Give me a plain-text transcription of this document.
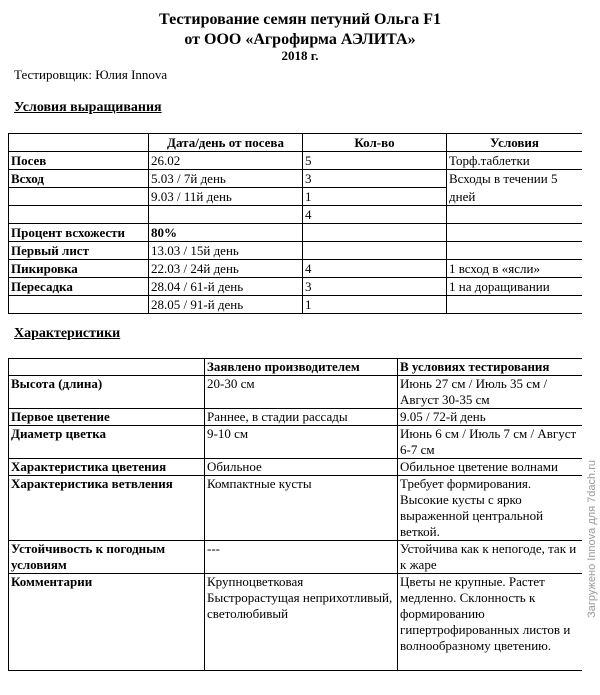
Тестирование семян петуний Ольга F1
от ООО «Агрофирма АЭЛИТА»
2018 г.
Тестировщик: Юлия Innova
Условия выращивания
	Дата/день от посева	Кол-во	Условия
Посев	26.02	5	Торф.таблетки
Всход	5.03 / 7й день	3	Всходы в течении 5
	9.03 / 11й день	1	дней
		4	
Процент всхожести	80%		
Первый лист	13.03 / 15й день		
Пикировка	22.03 / 24й день	4	1 всход в «ясли»
Пересадка	28.04 / 61-й день	3	1 на доращивании
	28.05 / 91-й день	1	
Характеристики
	Заявлено производителем	В условиях тестирования
Высота (длина)	20-30 см	Июнь 27 см / Июль 35 см / Август 30-35 см
Первое цветение	Раннее, в стадии рассады	9.05 / 72-й день
Диаметр цветка	9-10 см	Июнь 6 см / Июль 7 см / Август 6-7 см
Характеристика цветения	Обильное	Обильное цветение волнами
Характеристика ветвления	Компактные кусты	Требует формирования. Высокие кусты с ярко выраженной центральной веткой.
Устойчивость к погодным условиям	---	Устойчива как к непогоде, так и к жаре
Комментарии	Крупноцветковая Быстрорастущая неприхотливый, светолюбивый	Цветы не крупные. Растет медленно. Склонность к формированию гипертрофированных листов и волнообразному цветению.
Загружено Innova для 7dach.ru
